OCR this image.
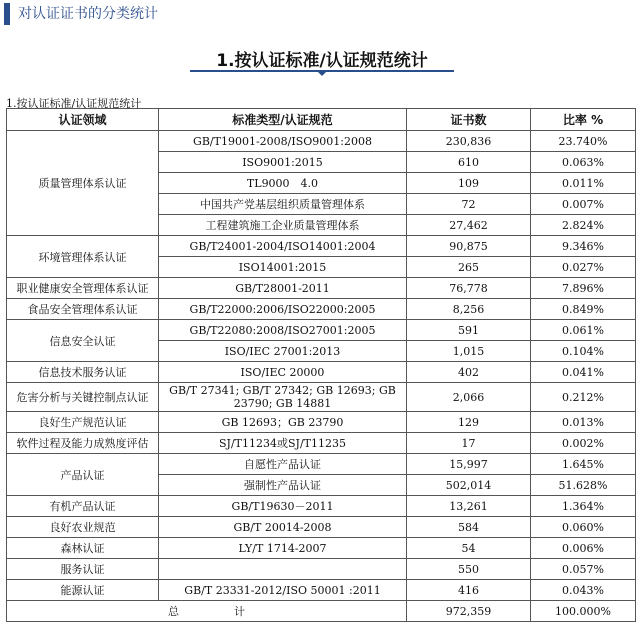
对认证证书的分类统计
1.按认证标准/认证规范统计
1.按认证标准/认证规范统计
认证领域	标准类型/认证规范	证书数	比率 %
质量管理体系认证	GB/T19001-2008/ISO9001:2008	230,836	23.740%
	ISO9001:2015	610	0.063%
	TL9000　4.0	109	0.011%
	中国共产党基层组织质量管理体系	72	0.007%
	工程建筑施工企业质量管理体系	27,462	2.824%
环境管理体系认证	GB/T24001-2004/ISO14001:2004	90,875	9.346%
	ISO14001:2015	265	0.027%
职业健康安全管理体系认证	GB/T28001-2011	76,778	7.896%
食品安全管理体系认证	GB/T22000:2006/ISO22000:2005	8,256	0.849%
信息安全认证	GB/T22080:2008/ISO27001:2005	591	0.061%
	ISO/IEC 27001:2013	1,015	0.104%
信息技术服务认证	ISO/IEC 20000	402	0.041%
危害分析与关键控制点认证	GB/T 27341; GB/T 27342; GB 12693; GB 23790; GB 14881	2,066	0.212%
良好生产规范认证	GB 12693；GB 23790	129	0.013%
软件过程及能力成熟度评估	SJ/T11234或SJ/T11235	17	0.002%
产品认证	自愿性产品认证	15,997	1.645%
	强制性产品认证	502,014	51.628%
有机产品认证	GB/T19630－2011	13,261	1.364%
良好农业规范	GB/T 20014-2008	584	0.060%
森林认证	LY/T 1714-2007	54	0.006%
服务认证		550	0.057%
能源认证	GB/T 23331-2012/ISO 50001 :2011	416	0.043%
总　　　　　计		972,359	100.000%
